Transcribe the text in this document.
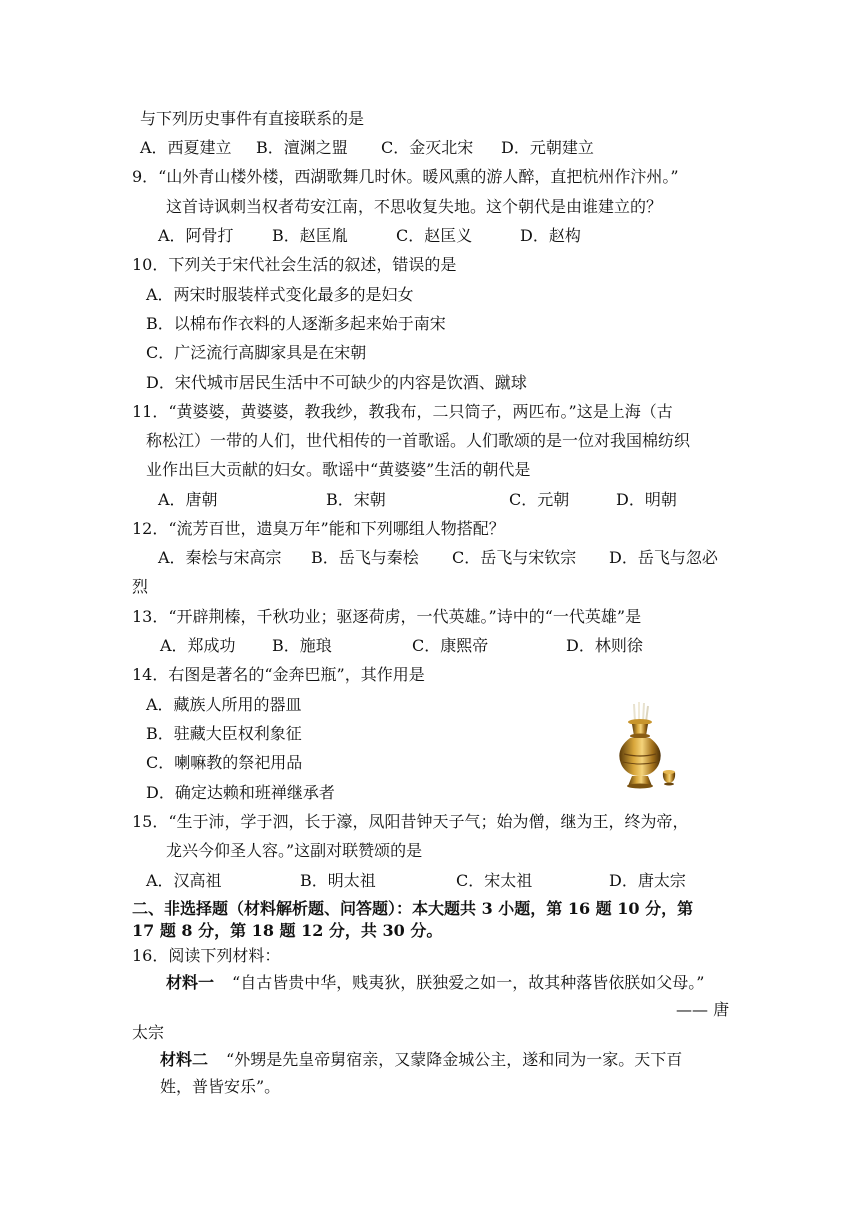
与下列历史事件有直接联系的是
A．西夏建立 B．澶渊之盟 C．金灭北宋 D．元朝建立
9．“山外青山楼外楼，西湖歌舞几时休。暖风熏的游人醉，直把杭州作汴州。”
这首诗讽刺当权者苟安江南，不思收复失地。这个朝代是由谁建立的？
A．阿骨打 B．赵匡胤	C．赵匡义	D．赵构
10．下列关于宋代社会生活的叙述，错误的是
A．两宋时服装样式变化最多的是妇女
B．以棉布作衣料的人逐渐多起来始于南宋
C．广泛流行高脚家具是在宋朝
D．宋代城市居民生活中不可缺少的内容是饮酒、蹴球
11．“黄婆婆，黄婆婆，教我纱，教我布，二只筒子，两匹布。”这是上海（古
称松江）一带的人们，世代相传的一首歌谣。人们歌颂的是一位对我国棉纺织
业作出巨大贡献的妇女。歌谣中“黄婆婆”生活的朝代是
A．唐朝	B．宋朝	C．元朝	D．明朝
12．“流芳百世，遗臭万年”能和下列哪组人物搭配？
A．秦桧与宋高宗 B．岳飞与秦桧 C．岳飞与宋钦宗 D．岳飞与忽必
烈
13．“开辟荆榛，千秋功业；驱逐荷虏，一代英雄。”诗中的“一代英雄”是
A．郑成功 B．施琅	C．康熙帝	D．林则徐
14．右图是著名的“金奔巴瓶”，其作用是
A．藏族人所用的器皿
B．驻藏大臣权利象征
C．喇嘛教的祭祀用品
D．确定达赖和班禅继承者
15．“生于沛，学于泗，长于濠，凤阳昔钟天子气；始为僧，继为王，终为帝，
龙兴今仰圣人容。”这副对联赞颂的是
A．汉高祖	B．明太祖	C．宋太祖	D．唐太宗
二、非选择题（材料解析题、问答题）：本大题共 3 小题，第 16 题 10 分，第
17 题 8 分，第 18 题 12 分，共 30 分。
16．阅读下列材料：
材料一 “自古皆贵中华，贱夷狄，朕独爱之如一，故其种落皆依朕如父母。”
—— 唐
太宗
材料二 “外甥是先皇帝舅宿亲，又蒙降金城公主，遂和同为一家。天下百
姓，普皆安乐”。
